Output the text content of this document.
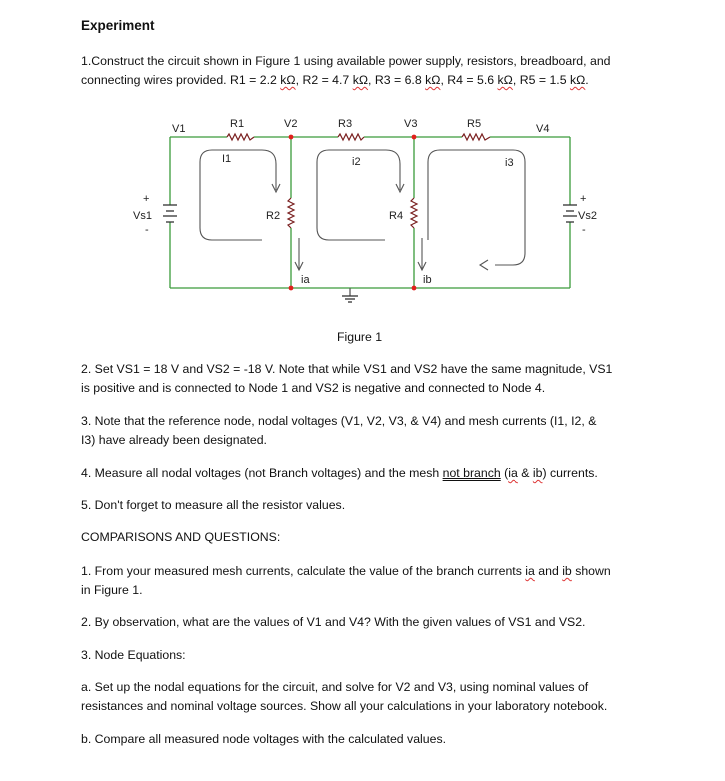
Experiment
1.Construct the circuit shown in Figure 1 using available power supply, resistors, breadboard, and
connecting wires provided. R1 = 2.2 kΩ, R2 = 4.7 kΩ, R3 = 6.8 kΩ, R4 = 5.6 kΩ, R5 = 1.5 kΩ.
V1	R1	V2	R3	V3	R5	V4
Vs1
+
-
Vs2
+
-
R2	R4
I1	i2	i3
ia	ib
Figure 1
2. Set VS1 = 18 V and VS2 = -18 V. Note that while VS1 and VS2 have the same magnitude, VS1
is positive and is connected to Node 1 and VS2 is negative and connected to Node 4.
3. Note that the reference node, nodal voltages (V1, V2, V3, & V4) and mesh currents (I1, I2, &
I3) have already been designated.
4. Measure all nodal voltages (not Branch voltages) and the mesh not branch (ia & ib) currents.
5. Don't forget to measure all the resistor values.
COMPARISONS AND QUESTIONS:
1. From your measured mesh currents, calculate the value of the branch currents ia and ib shown
in Figure 1.
2. By observation, what are the values of V1 and V4? With the given values of VS1 and VS2.
3. Node Equations:
a. Set up the nodal equations for the circuit, and solve for V2 and V3, using nominal values of
resistances and nominal voltage sources. Show all your calculations in your laboratory notebook.
b. Compare all measured node voltages with the calculated values.
